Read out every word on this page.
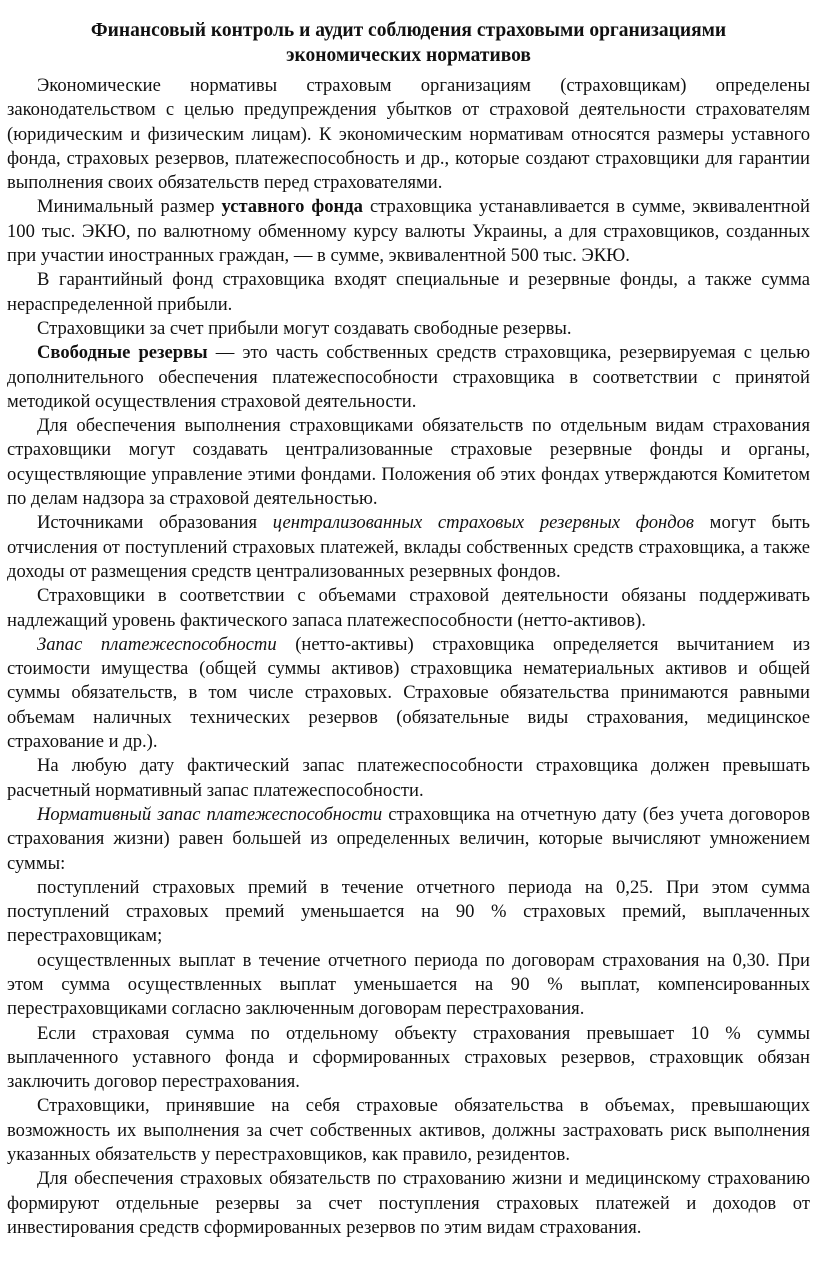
Финансовый контроль и аудит соблюдения страховыми организациями экономических нормативов

Экономические нормативы страховым организациям (страховщикам) определены законодательством с целью предупреждения убытков от страховой деятельности страхователям (юридическим и физическим лицам). К экономическим нормативам относятся размеры уставного фонда, страховых резервов, платежеспособность и др., которые создают страховщики для гарантии выполнения своих обязательств перед страхователями.

Минимальный размер уставного фонда страховщика устанавливается в сумме, эквивалентной 100 тыс. ЭКЮ, по валютному обменному курсу валюты Украины, а для страховщиков, созданных при участии иностранных граждан, — в сумме, эквивалентной 500 тыс. ЭКЮ.

В гарантийный фонд страховщика входят специальные и резервные фонды, а также сумма нераспределенной прибыли.

Страховщики за счет прибыли могут создавать свободные резервы.

Свободные резервы — это часть собственных средств страховщика, резервируемая с целью дополнительного обеспечения платежеспособности страховщика в соответствии с принятой методикой осуществления страховой деятельности.

Для обеспечения выполнения страховщиками обязательств по отдельным видам страхования страховщики могут создавать централизованные страховые резервные фонды и органы, осуществляющие управление этими фондами. Положения об этих фондах утверждаются Комитетом по делам надзора за страховой деятельностью.

Источниками образования централизованных страховых резервных фондов могут быть отчисления от поступлений страховых платежей, вклады собственных средств страховщика, а также доходы от размещения средств централизованных резервных фондов.

Страховщики в соответствии с объемами страховой деятельности обязаны поддерживать надлежащий уровень фактического запаса платежеспособности (нетто-активов).

Запас платежеспособности (нетто-активы) страховщика определяется вычитанием из стоимости имущества (общей суммы активов) страховщика нематериальных активов и общей суммы обязательств, в том числе страховых. Страховые обязательства принимаются равными объемам наличных технических резервов (обязательные виды страхования, медицинское страхование и др.).

На любую дату фактический запас платежеспособности страховщика должен превышать расчетный нормативный запас платежеспособности.

Нормативный запас платежеспособности страховщика на отчетную дату (без учета договоров страхования жизни) равен большей из определенных величин, которые вычисляют умножением суммы:

поступлений страховых премий в течение отчетного периода на 0,25. При этом сумма поступлений страховых премий уменьшается на 90 % страховых премий, выплаченных перестраховщикам;

осуществленных выплат в течение отчетного периода по договорам страхования на 0,30. При этом сумма осуществленных выплат уменьшается на 90 % выплат, компенсированных перестраховщиками согласно заключенным договорам перестрахования.

Если страховая сумма по отдельному объекту страхования превышает 10 % суммы выплаченного уставного фонда и сформированных страховых резервов, страховщик обязан заключить договор перестрахования.

Страховщики, принявшие на себя страховые обязательства в объемах, превышающих возможность их выполнения за счет собственных активов, должны застраховать риск выполнения указанных обязательств у перестраховщиков, как правило, резидентов.

Для обеспечения страховых обязательств по страхованию жизни и медицинскому страхованию формируют отдельные резервы за счет поступления страховых платежей и доходов от инвестирования средств сформированных резервов по этим видам страхования.
